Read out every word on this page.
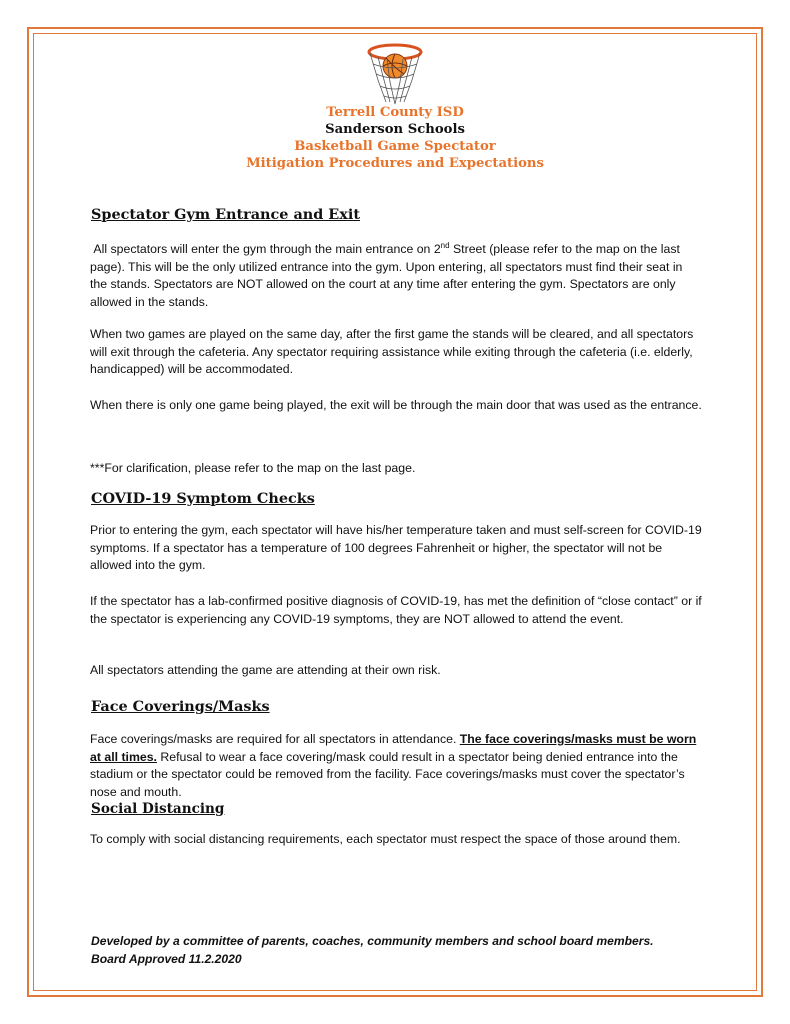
Terrell County ISD
Sanderson Schools
Basketball Game Spectator
Mitigation Procedures and Expectations
Spectator Gym Entrance and Exit

All spectators will enter the gym through the main entrance on 2nd Street (please refer to the map on the last page). This will be the only utilized entrance into the gym. Upon entering, all spectators must find their seat in the stands. Spectators are NOT allowed on the court at any time after entering the gym. Spectators are only allowed in the stands.

When two games are played on the same day, after the first game the stands will be cleared, and all spectators will exit through the cafeteria. Any spectator requiring assistance while exiting through the cafeteria (i.e. elderly, handicapped) will be accommodated.

When there is only one game being played, the exit will be through the main door that was used as the entrance.

***For clarification, please refer to the map on the last page.

COVID-19 Symptom Checks

Prior to entering the gym, each spectator will have his/her temperature taken and must self-screen for COVID-19 symptoms. If a spectator has a temperature of 100 degrees Fahrenheit or higher, the spectator will not be allowed into the gym.

If the spectator has a lab-confirmed positive diagnosis of COVID-19, has met the definition of “close contact” or if the spectator is experiencing any COVID-19 symptoms, they are NOT allowed to attend the event.

All spectators attending the game are attending at their own risk.

Face Coverings/Masks

Face coverings/masks are required for all spectators in attendance. The face coverings/masks must be worn at all times. Refusal to wear a face covering/mask could result in a spectator being denied entrance into the stadium or the spectator could be removed from the facility. Face coverings/masks must cover the spectator’s nose and mouth.

Social Distancing

To comply with social distancing requirements, each spectator must respect the space of those around them.

Developed by a committee of parents, coaches, community members and school board members.
Board Approved 11.2.2020
